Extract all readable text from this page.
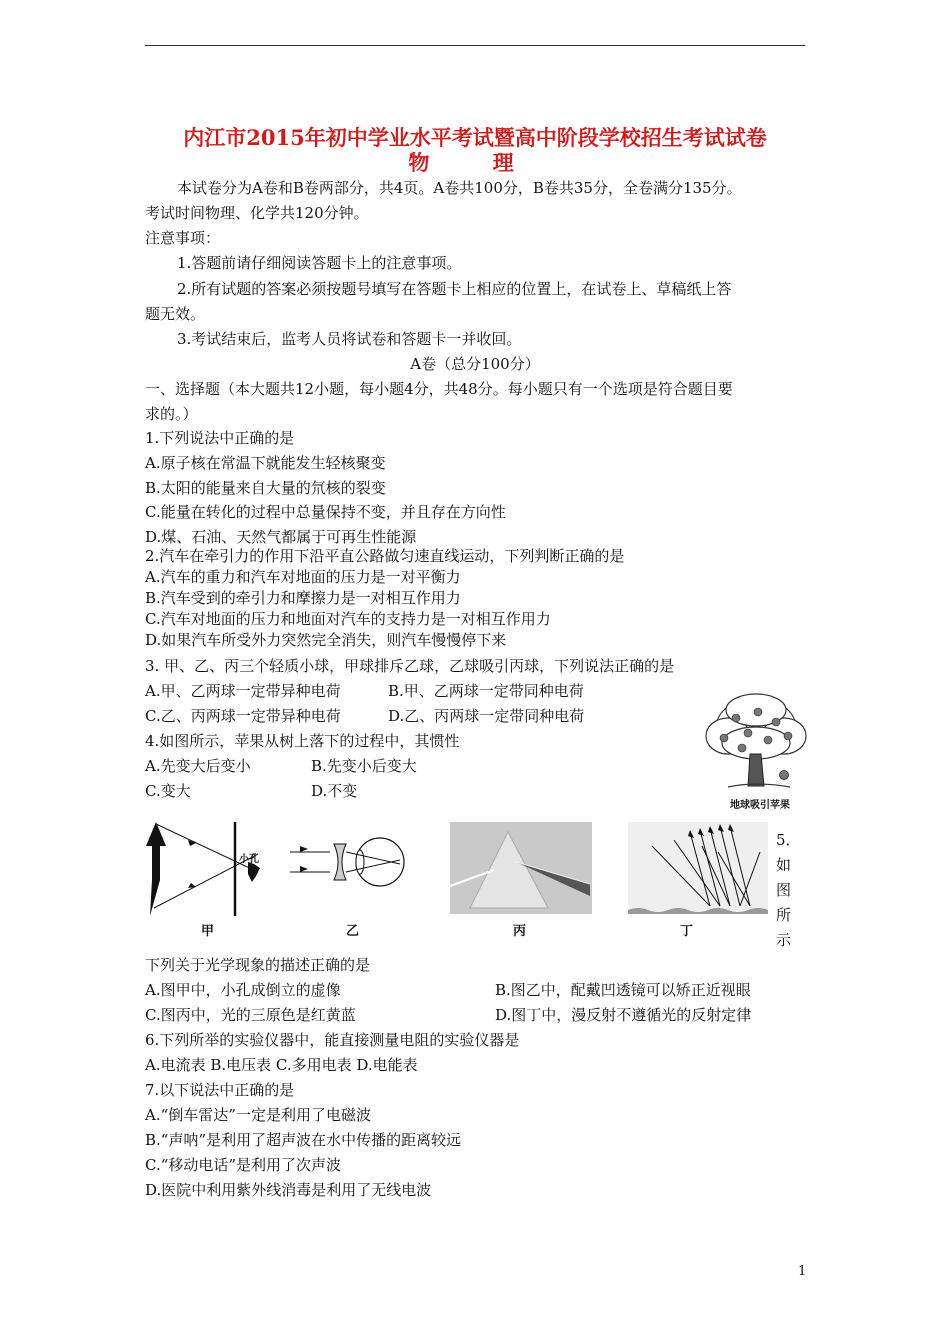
内江市2015年初中学业水平考试暨高中阶段学校招生考试试卷
物 理
本试卷分为A卷和B卷两部分，共4页。A卷共100分，B卷共35分，全卷满分135分。
考试时间物理、化学共120分钟。
注意事项：
1.答题前请仔细阅读答题卡上的注意事项。
2.所有试题的答案必须按题号填写在答题卡上相应的位置上，在试卷上、草稿纸上答
题无效。
3.考试结束后，监考人员将试卷和答题卡一并收回。
A卷（总分100分）
一、选择题（本大题共12小题，每小题4分，共48分。每小题只有一个选项是符合题目要
求的。）
1.下列说法中正确的是
A.原子核在常温下就能发生轻核聚变
B.太阳的能量来自大量的氘核的裂变
C.能量在转化的过程中总量保持不变，并且存在方向性
D.煤、石油、天然气都属于可再生性能源
2.汽车在牵引力的作用下沿平直公路做匀速直线运动，下列判断正确的是
A.汽车的重力和汽车对地面的压力是一对平衡力
B.汽车受到的牵引力和摩擦力是一对相互作用力
C.汽车对地面的压力和地面对汽车的支持力是一对相互作用力
D.如果汽车所受外力突然完全消失，则汽车慢慢停下来
3. 甲、乙、丙三个轻质小球，甲球排斥乙球，乙球吸引丙球，下列说法正确的是
A.甲、乙两球一定带异种电荷	B.甲、乙两球一定带同种电荷
C.乙、丙两球一定带异种电荷	D.乙、丙两球一定带同种电荷
4.如图所示，苹果从树上落下的过程中，其惯性
A.先变大后变小	B.先变小后变大
C.变大	D.不变
地球吸引苹果
小孔
甲	乙	丙	丁
5．
如
图
所
示
下列关于光学现象的描述正确的是
A.图甲中，小孔成倒立的虚像	B.图乙中，配戴凹透镜可以矫正近视眼
C.图丙中，光的三原色是红黄蓝	D.图丁中，漫反射不遵循光的反射定律
6.下列所举的实验仪器中，能直接测量电阻的实验仪器是
A.电流表 B.电压表 C.多用电表 D.电能表
7.以下说法中正确的是
A.“倒车雷达”一定是利用了电磁波
B.“声呐”是利用了超声波在水中传播的距离较远
C.“移动电话”是利用了次声波
D.医院中利用紫外线消毒是利用了无线电波
1
